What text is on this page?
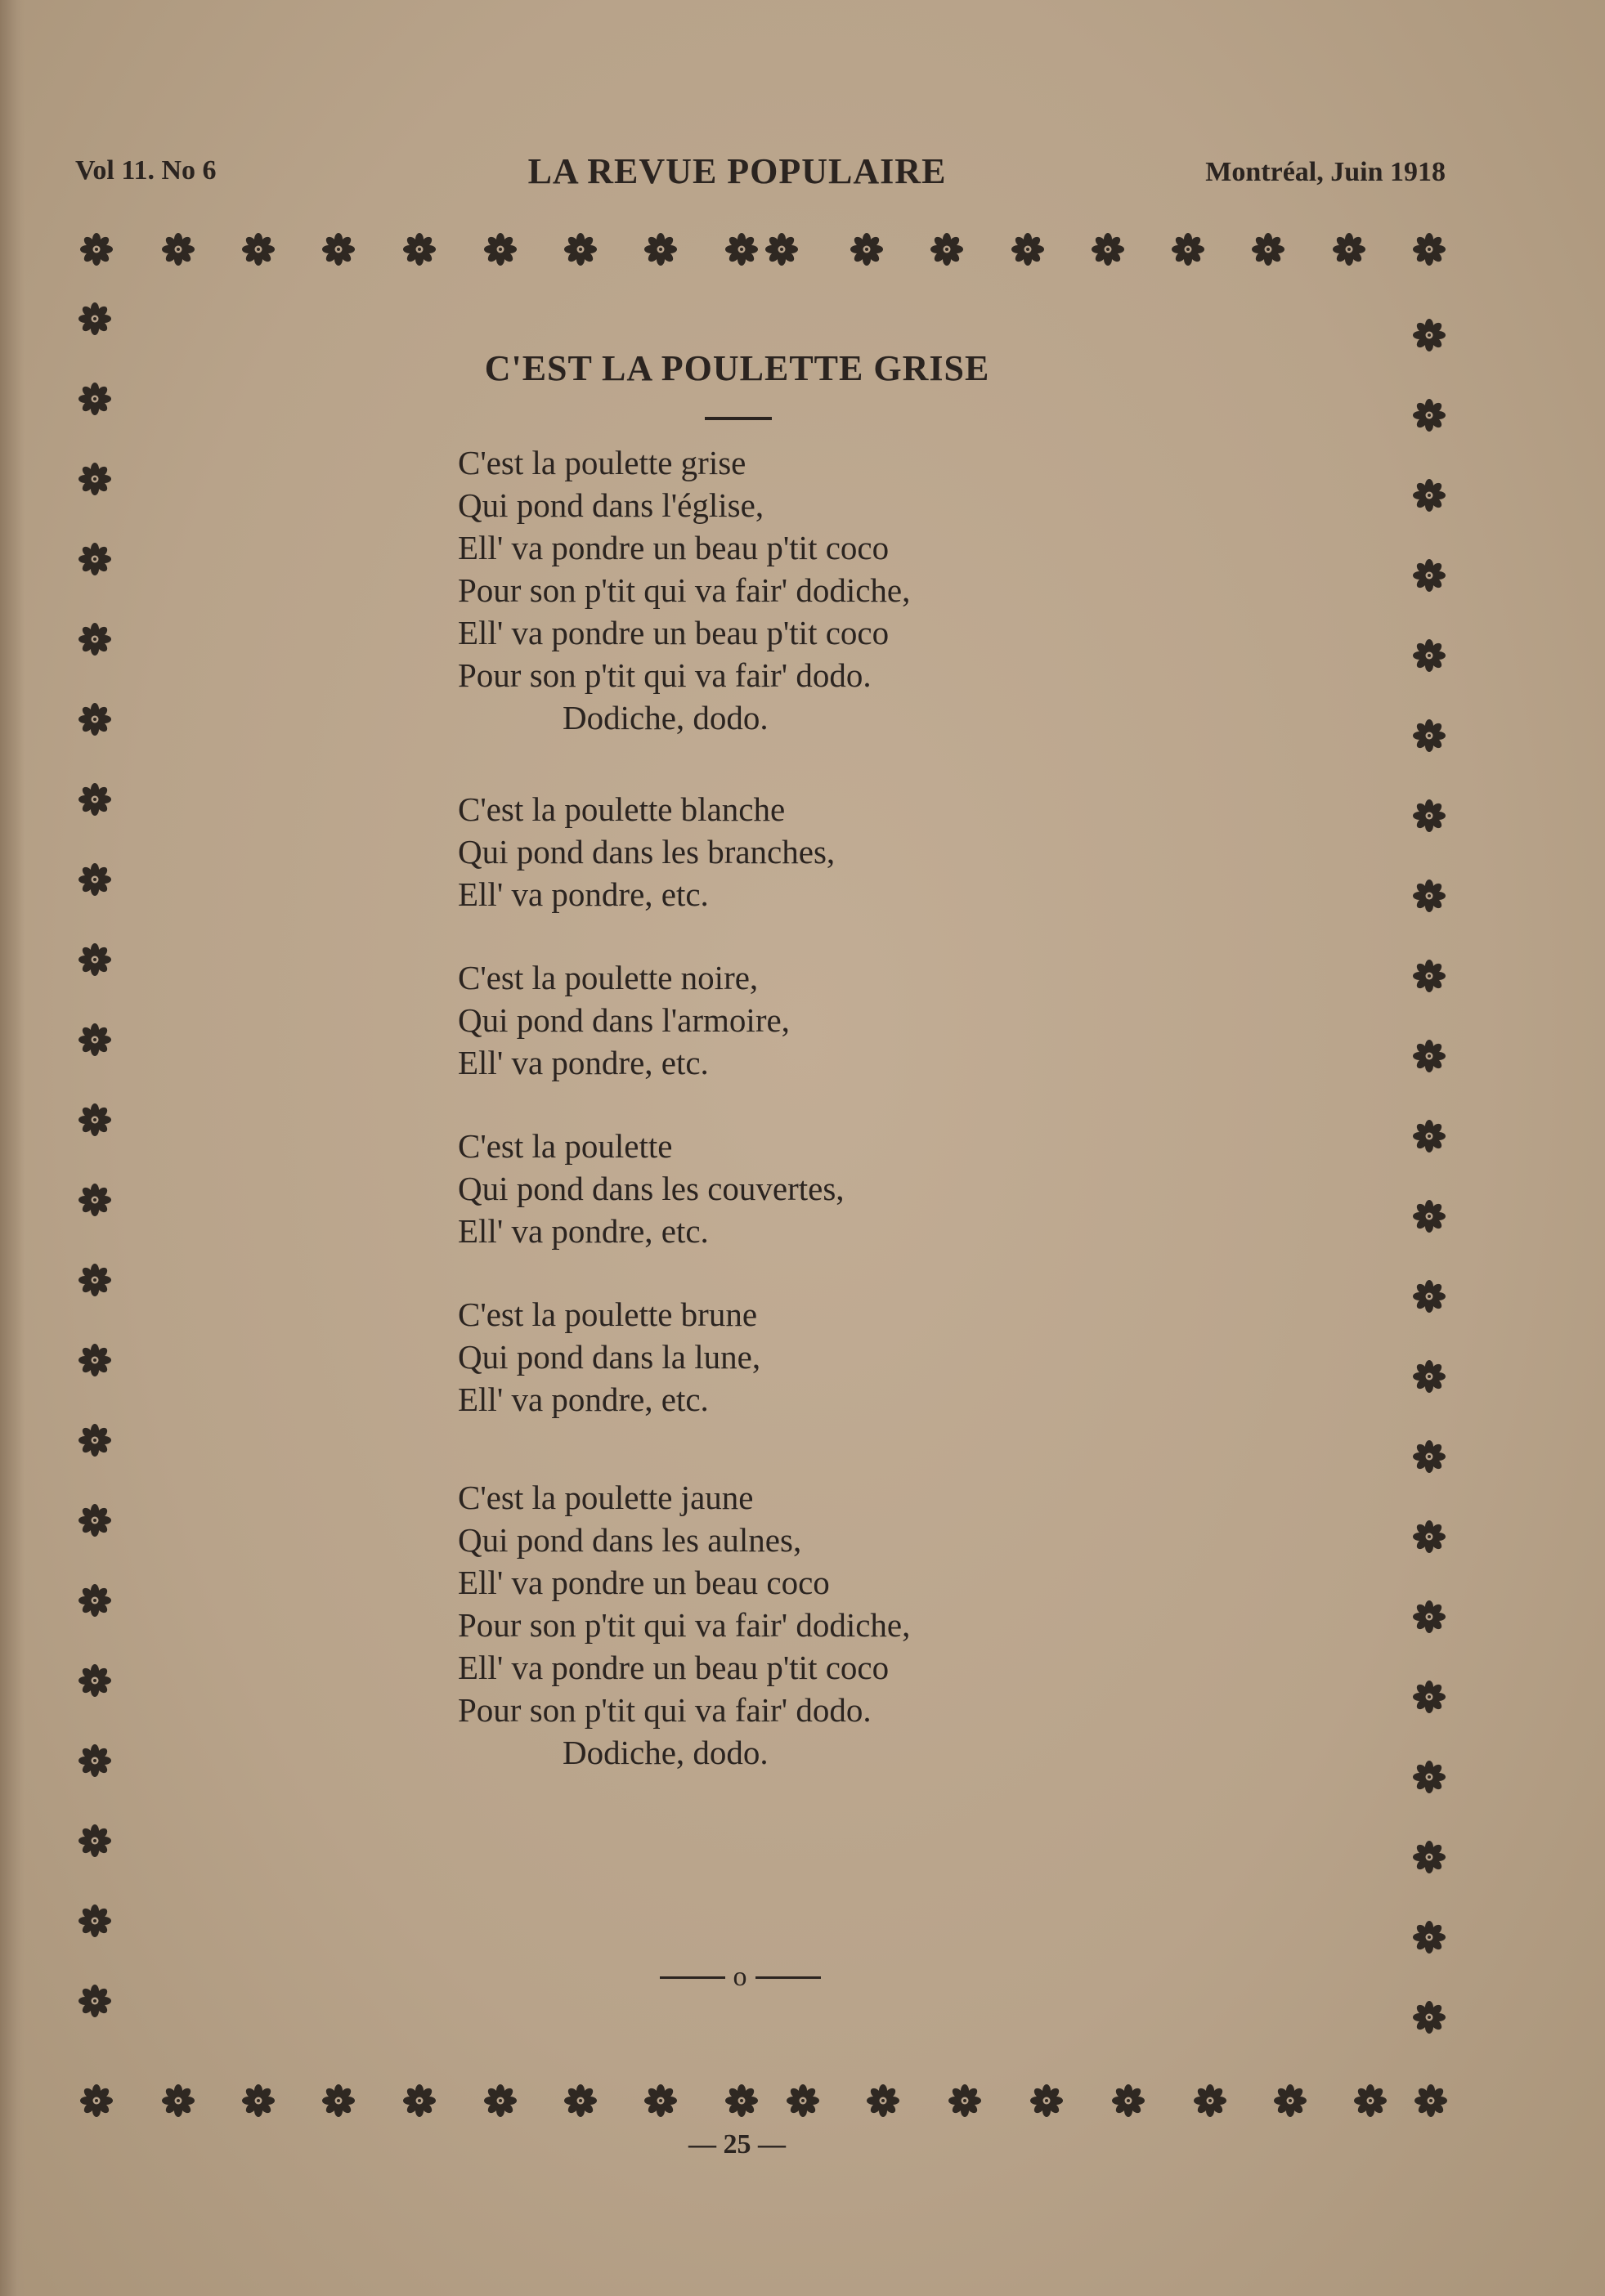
Vol 11. No 6	LA REVUE POPULAIRE	Montréal, Juin 1918
C'EST LA POULETTE GRISE
C'est la poulette grise
Qui pond dans l'église,
Ell' va pondre un beau p'tit coco
Pour son p'tit qui va fair' dodiche,
Ell' va pondre un beau p'tit coco
Pour son p'tit qui va fair' dodo.
Dodiche, dodo.
C'est la poulette blanche
Qui pond dans les branches,
Ell' va pondre, etc.
C'est la poulette noire,
Qui pond dans l'armoire,
Ell' va pondre, etc.
C'est la poulette
Qui pond dans les couvertes,
Ell' va pondre, etc.
C'est la poulette brune
Qui pond dans la lune,
Ell' va pondre, etc.
C'est la poulette jaune
Qui pond dans les aulnes,
Ell' va pondre un beau coco
Pour son p'tit qui va fair' dodiche,
Ell' va pondre un beau p'tit coco
Pour son p'tit qui va fair' dodo.
Dodiche, dodo.
o
— 25 —
